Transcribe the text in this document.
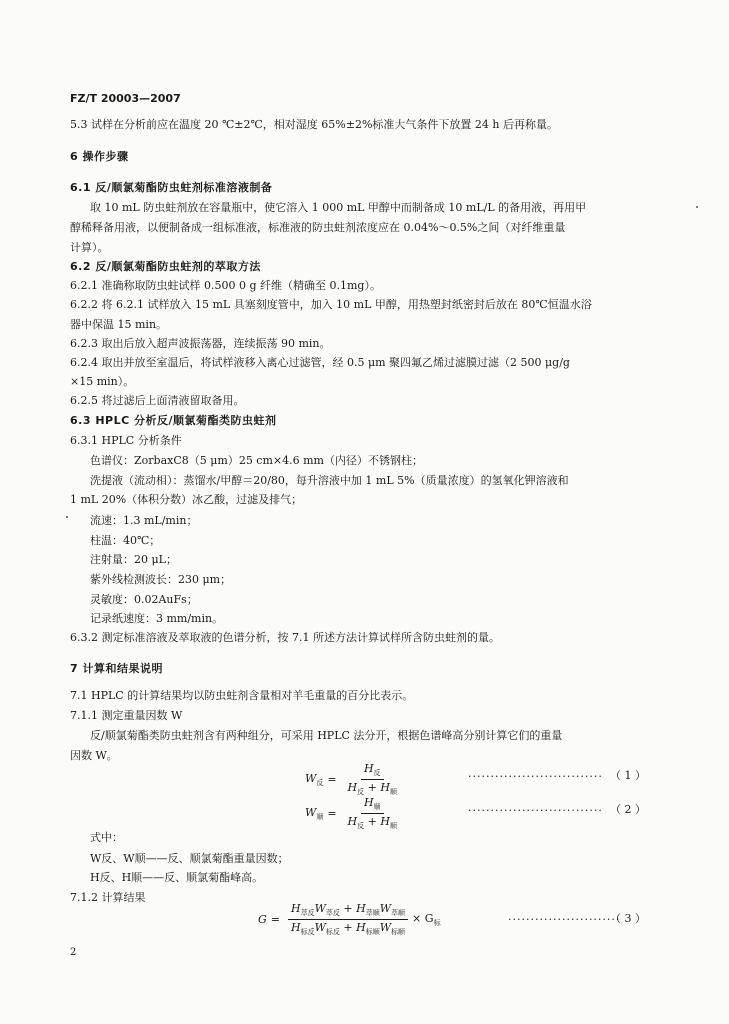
FZ/T 20003—2007
5.3 试样在分析前应在温度 20 ℃±2℃，相对湿度 65%±2%标准大气条件下放置 24 h 后再称量。
6 操作步骤
6.1 反/顺氯菊酯防虫蛀剂标准溶液制备
取 10 mL 防虫蛀剂放在容量瓶中，使它溶入 1 000 mL 甲醇中而制备成 10 mL/L 的备用液，再用甲
醇稀释备用液，以便制备成一组标准液，标准液的防虫蛀剂浓度应在 0.04%～0.5%之间（对纤维重量
计算）。
6.2 反/顺氯菊酯防虫蛀剂的萃取方法
6.2.1 准确称取防虫蛀试样 0.500 0 g 纤维（精确至 0.1mg）。
6.2.2 将 6.2.1 试样放入 15 mL 具塞刻度管中，加入 10 mL 甲醇，用热塑封纸密封后放在 80℃恒温水浴
器中保温 15 min。
6.2.3 取出后放入超声波振荡器，连续振荡 90 min。
6.2.4 取出并放至室温后，将试样液移入离心过滤管，经 0.5 μm 聚四氟乙烯过滤膜过滤（2 500 μg/g
×15 min）。
6.2.5 将过滤后上面清液留取备用。
6.3 HPLC 分析反/顺氯菊酯类防虫蛀剂
6.3.1 HPLC 分析条件
色谱仪：ZorbaxC8（5 μm）25 cm×4.6 mm（内径）不锈钢柱；
洗提液（流动相）：蒸馏水/甲醇＝20/80，每升溶液中加 1 mL 5%（质量浓度）的氢氧化钾溶液和
1 mL 20%（体积分数）冰乙酸，过滤及排气；
流速：1.3 mL/min；
柱温：40℃；
注射量：20 μL；
紫外线检测波长：230 μm；
灵敏度：0.02AuFs；
记录纸速度：3 mm/min。
6.3.2 测定标准溶液及萃取液的色谱分析，按 7.1 所述方法计算试样所含防虫蛀剂的量。
7 计算和结果说明
7.1 HPLC 的计算结果均以防虫蛀剂含量相对羊毛重量的百分比表示。
7.1.1 测定重量因数 W
反/顺氯菊酯类防虫蛀剂含有两种组分，可采用 HPLC 法分开，根据色谱峰高分别计算它们的重量
因数 W。
$W_反 = \frac{H_反}{H_反 + H_顺}$	······························ （ 1 ）
$W_顺 = \frac{H_顺}{H_反 + H_顺}$	······························ （ 2 ）
式中：
W反、W顺——反、顺氯菊酯重量因数；
H反、H顺——反、顺氯菊酯峰高。
7.1.2 计算结果
$G = \frac{H_{萃反}W_{萃反} + H_{萃顺}W_{萃顺}}{H_{标反}W_{标反} + H_{标顺}W_{标顺}} \times G_标$	·························
（ 3 ）
2
